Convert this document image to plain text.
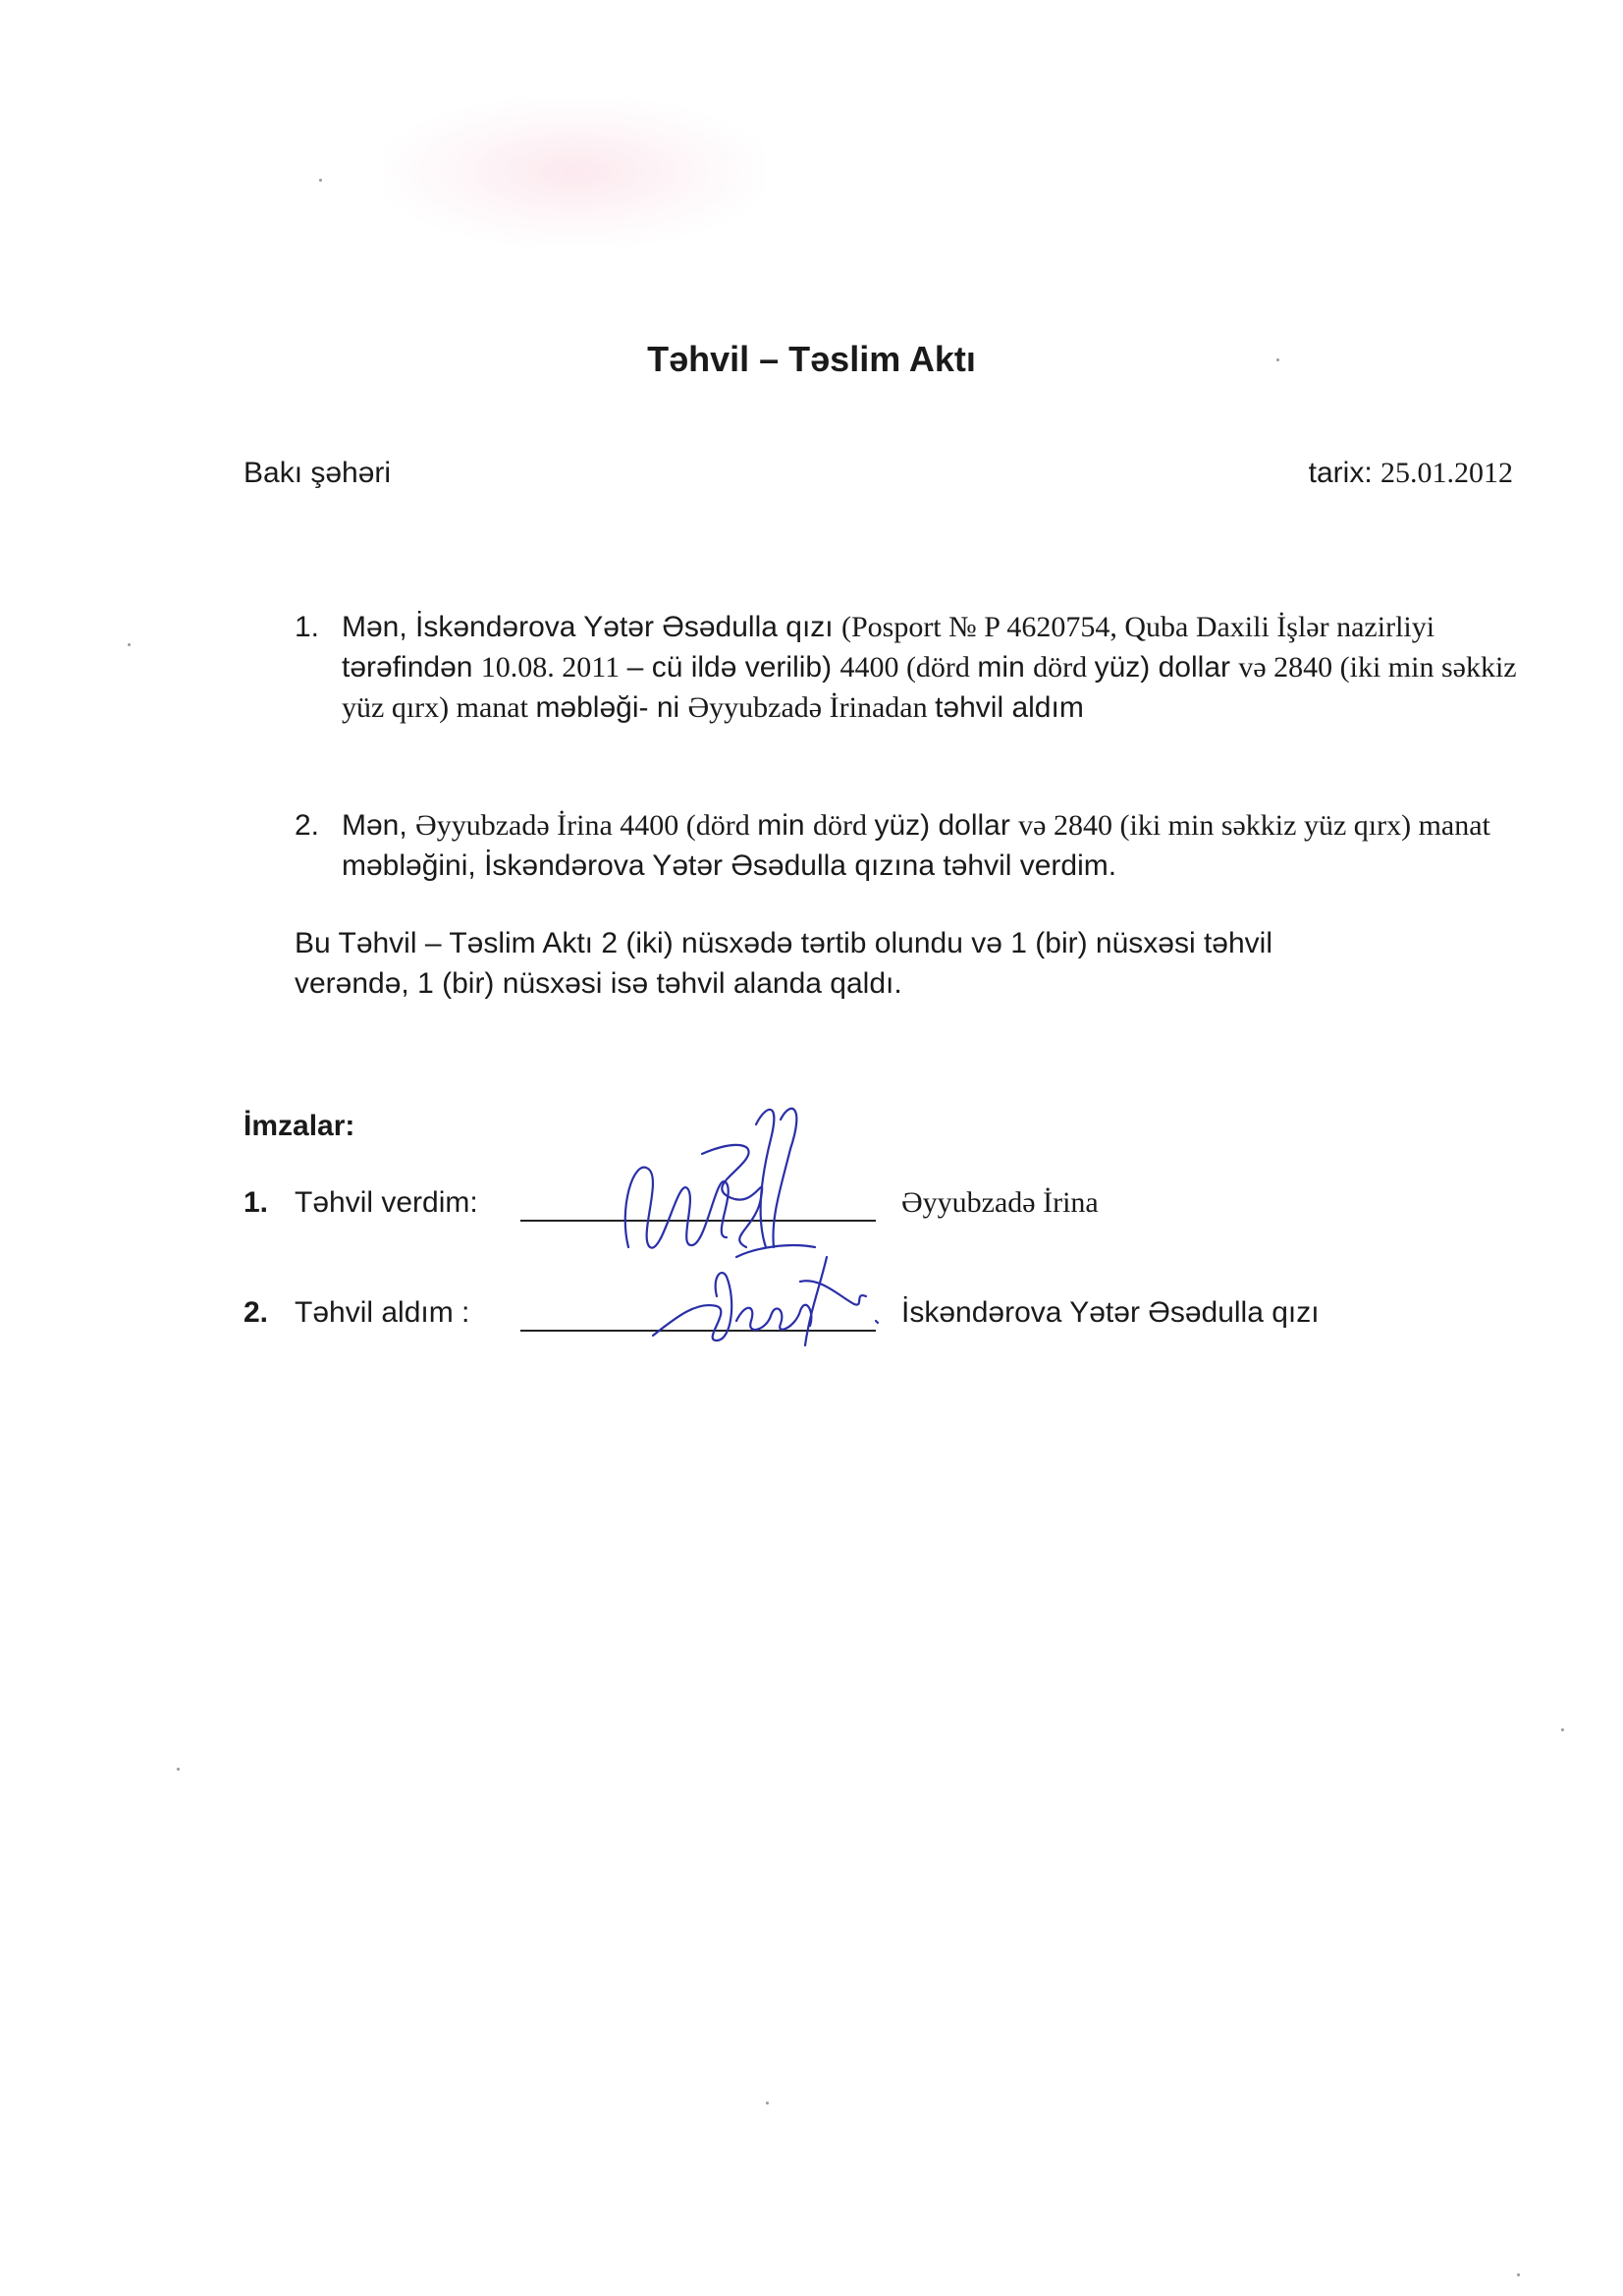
Təhvil – Təslim Aktı
Bakı şəhəri	tarix: 25.01.2012
1. Mən, İskəndərova Yətər Əsədulla qızı (Posport № P 4620754, Quba Daxili İşlər nazirliyi tərəfindən 10.08. 2011 – cü ildə verilib) 4400 (dörd min dörd yüz) dollar və 2840 (iki min səkkiz yüz qırx) manat məbləği- ni Əyyubzadə İrinadan təhvil aldım
2. Mən, Əyyubzadə İrina 4400 (dörd min dörd yüz) dollar və 2840 (iki min səkkiz yüz qırx) manat məbləğini, İskəndərova Yətər Əsədulla qızına təhvil verdim.
Bu Təhvil – Təslim Aktı 2 (iki) nüsxədə tərtib olundu və 1 (bir) nüsxəsi təhvil verəndə, 1 (bir) nüsxəsi isə təhvil alanda qaldı.
İmzalar:
1. Təhvil verdim:	Əyyubzadə İrina
2. Təhvil aldım :	İskəndərova Yətər Əsədulla qızı
